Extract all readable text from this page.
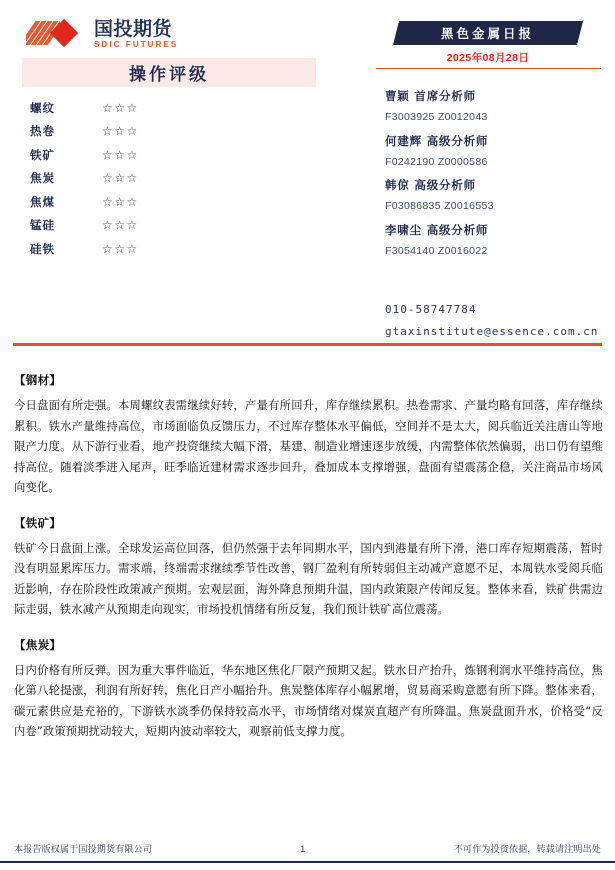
国投期货
SDIC FUTURES
操作评级
螺纹	☆☆☆
热卷	☆☆☆
铁矿	☆☆☆
焦炭	☆☆☆
焦煤	☆☆☆
锰硅	☆☆☆
硅铁	☆☆☆
黑色金属日报
2025年08月28日
曹颖 首席分析师
F3003925 Z0012043
何建辉 高级分析师
F0242190 Z0000586
韩倞 高级分析师
F03086835 Z0016553
李啸尘 高级分析师
F3054140 Z0016022
010-58747784
gtaxinstitute@essence.com.cn
【钢材】
今日盘面有所走强。本周螺纹表需继续好转，产量有所回升，库存继续累积。热卷需求、产量均略有回落，库存继续累积。铁水产量维持高位，市场面临负反馈压力，不过库存整体水平偏低，空间并不是太大，阅兵临近关注唐山等地限产力度。从下游行业看，地产投资继续大幅下滑，基建、制造业增速逐步放缓，内需整体依然偏弱，出口仍有望维持高位。随着淡季进入尾声，旺季临近建材需求逐步回升，叠加成本支撑增强，盘面有望震荡企稳，关注商品市场风向变化。
【铁矿】
铁矿今日盘面上涨。全球发运高位回落，但仍然强于去年同期水平，国内到港量有所下滑，港口库存短期震荡，暂时没有明显累库压力。需求端，终端需求继续季节性改善，钢厂盈利有所转弱但主动减产意愿不足，本周铁水受阅兵临近影响，存在阶段性政策减产预期。宏观层面，海外降息预期升温，国内政策限产传闻反复。整体来看，铁矿供需边际走弱，铁水减产从预期走向现实，市场投机情绪有所反复，我们预计铁矿高位震荡。
【焦炭】
日内价格有所反弹。因为重大事件临近，华东地区焦化厂限产预期又起。铁水日产抬升，炼钢利润水平维持高位，焦化第八轮提涨，利润有所好转，焦化日产小幅抬升。焦炭整体库存小幅累增，贸易商采购意愿有所下降。整体来看，碳元素供应是充裕的，下游铁水淡季仍保持较高水平，市场情绪对煤炭直超产有所降温。焦炭盘面升水，价格受“反内卷”政策预期扰动较大，短期内波动率较大，观察前低支撑力度。
本报告版权属于国投期货有限公司	1	不可作为投资依据，转载请注明出处
